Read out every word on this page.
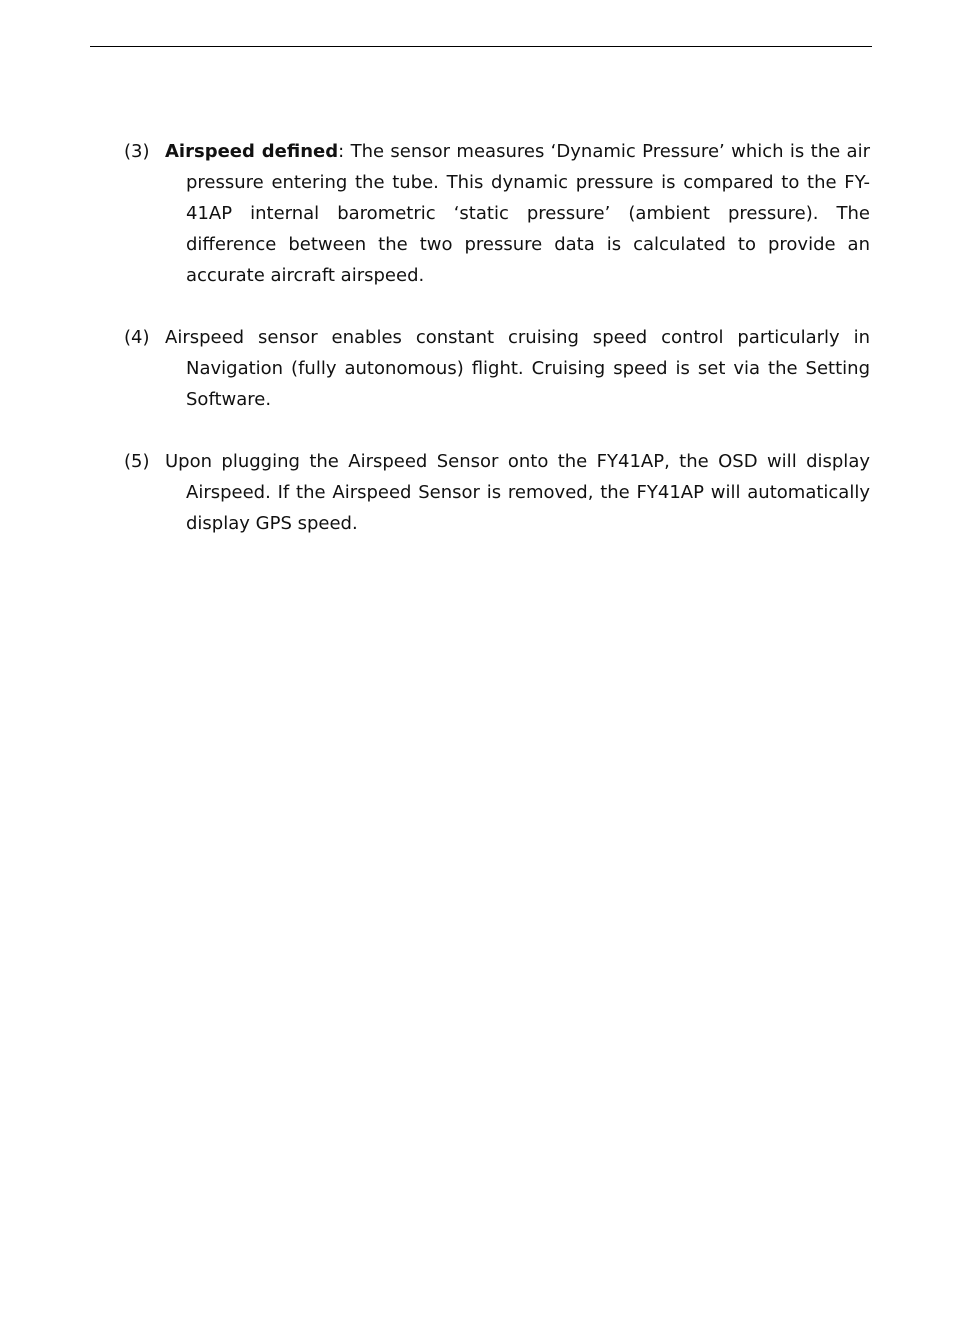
(3) Airspeed defined: The sensor measures ‘Dynamic Pressure’ which is the air pressure entering the tube. This dynamic pressure is compared to the FY-41AP internal barometric ‘static pressure’ (ambient pressure). The difference between the two pressure data is calculated to provide an accurate aircraft airspeed.
(4) Airspeed sensor enables constant cruising speed control particularly in Navigation (fully autonomous) flight. Cruising speed is set via the Setting Software.
(5) Upon plugging the Airspeed Sensor onto the FY41AP, the OSD will display Airspeed. If the Airspeed Sensor is removed, the FY41AP will automatically display GPS speed.
